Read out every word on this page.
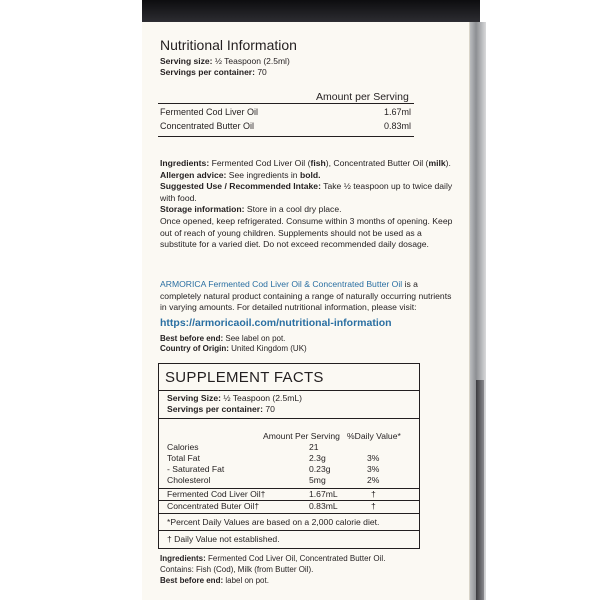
Nutritional Information
Serving size: ½ Teaspoon (2.5ml)
Servings per container: 70
Amount per Serving
Fermented Cod Liver Oil	1.67ml
Concentrated Butter Oil	0.83ml

Ingredients: Fermented Cod Liver Oil (fish), Concentrated Butter Oil (milk).

Allergen advice: See ingredients in bold.

Suggested Use / Recommended Intake: Take ½ teaspoon up to twice daily with food.

Storage information: Store in a cool dry place.

Once opened, keep refrigerated. Consume within 3 months of opening. Keep out of reach of young children. Supplements should not be used as a substitute for a varied diet. Do not exceed recommended daily dosage.

ARMORICA Fermented Cod Liver Oil & Concentrated Butter Oil is a completely natural product containing a range of naturally occurring nutrients in varying amounts. For detailed nutritional information, please visit:

https://armoricaoil.com/nutritional-information
Best before end: See label on pot.
Country of Origin: United Kingdom (UK)
SUPPLEMENT FACTS
Serving Size: ½ Teaspoon (2.5mL)
Servings per container: 70
Amount Per Serving %Daily Value*
Calories	21
Total Fat	2.3g	3%
- Saturated Fat	0.23g	3%
Cholesterol	5mg	2%
Fermented Cod Liver Oil†	1.67mL	†
Concentrated Buter Oil†	0.83mL	†
*Percent Daily Values are based on a 2,000 calorie diet.
† Daily Value not established.
Ingredients: Fermented Cod Liver Oil, Concentrated Butter Oil.
Contains: Fish (Cod), Milk (from Butter Oil).
Best before end: label on pot.
